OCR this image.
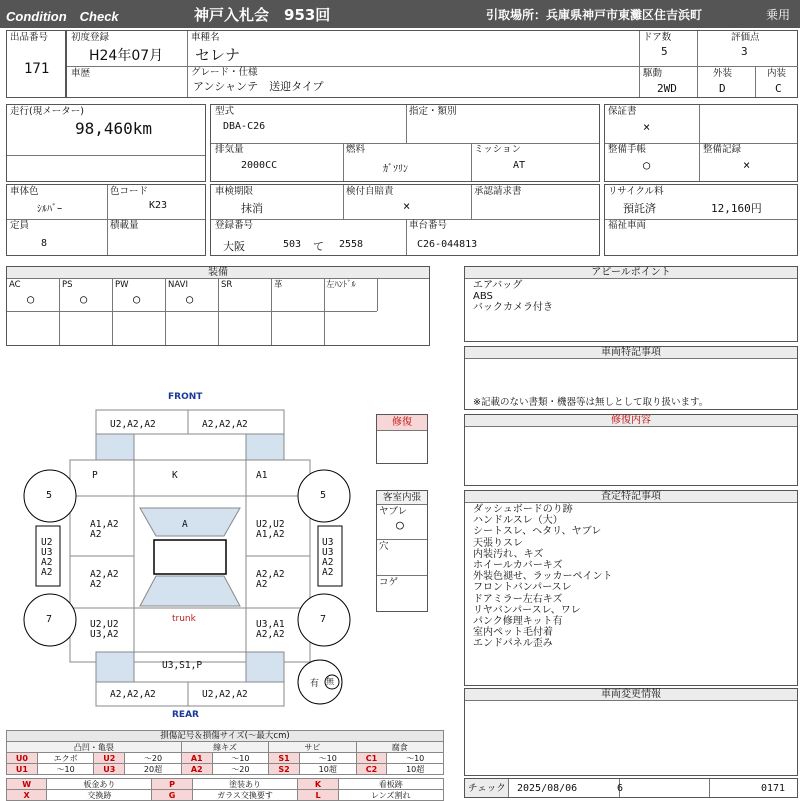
Condition　Check	神戸入札会　953回	引取場所：兵庫県神戸市東灘区住吉浜町	乗用
出品番号
171
初度登録
H24年07月
車歴
車種名
セレナ
グレード・仕様
アンシャンテ　送迎タイプ
ドア数
5
評価点
3
駆動
2WD
外装
D
内装
C
走行(現メーター)
98,460km
型式
DBA-C26
指定・類別
排気量
2000CC
燃料
ｶﾞｿﾘﾝ
ミッション
AT
保証書
×
整備手帳
○
整備記録
×
車体色
ｼﾙﾊﾞｰ
色コード
K23
定員
8
積載量
車検期限
抹消
検付自賠責
×
承認請求書
登録番号
大阪	503 て 2558
車台番号
C26-044813
リサイクル料
預託済	12,160円
福祉車両
装備
AC
○
PS
○
PW
○
NAVI
○
SR	革	左ﾊﾝﾄﾞﾙ
アピールポイント
エアバッグ
ABS
バックカメラ付き
車両特記事項
※記載のない書類・機器等は無しとして取り扱います。
修復内容
査定特記事項
ダッシュボードのり跡
ハンドルスレ（大）
シートスレ、ヘタリ、ヤブレ
天張りスレ
内装汚れ、キズ
ホイールカバーキズ
外装色褪せ、ラッカーペイント
フロントバンパースレ
ドアミラー左右キズ
リヤバンパースレ、ワレ
パンク修理キット有
室内ペット毛付着
エンドパネル歪み
車両変更情報
チェック 2025/08/06	6	0171
修復
客室内張
ヤブレ
○
穴
コゲ
FRONT
REAR
U2,A2,A2	A2,A2,A2
P	K	A1
A
A1,A2 A2
U2,U2 A1,A2
A2,A2 A2
A2,A2 A2
U2,U2 U3,A2
U3,A1 A2,A2
trunk
U3,S1,P
A2,A2,A2	U2,A2,A2
U2 U3 A2 A2
U3 U3 A2 A2
5	5
7	7
有 無
損傷記号＆損傷サイズ(〜最大cm)
凸凹・亀裂				線キズ		サビ		腐食	
U0	エクボ	U2	〜20	A1	〜10	S1	〜10	C1	〜10
U1	〜10	U3	20超	A2	〜20	S2	10超	C2	10超
W	板金あり	P	塗装あり	K	看板跡
X	交換跡	G	ガラス交換要す	L	レンズ割れ
